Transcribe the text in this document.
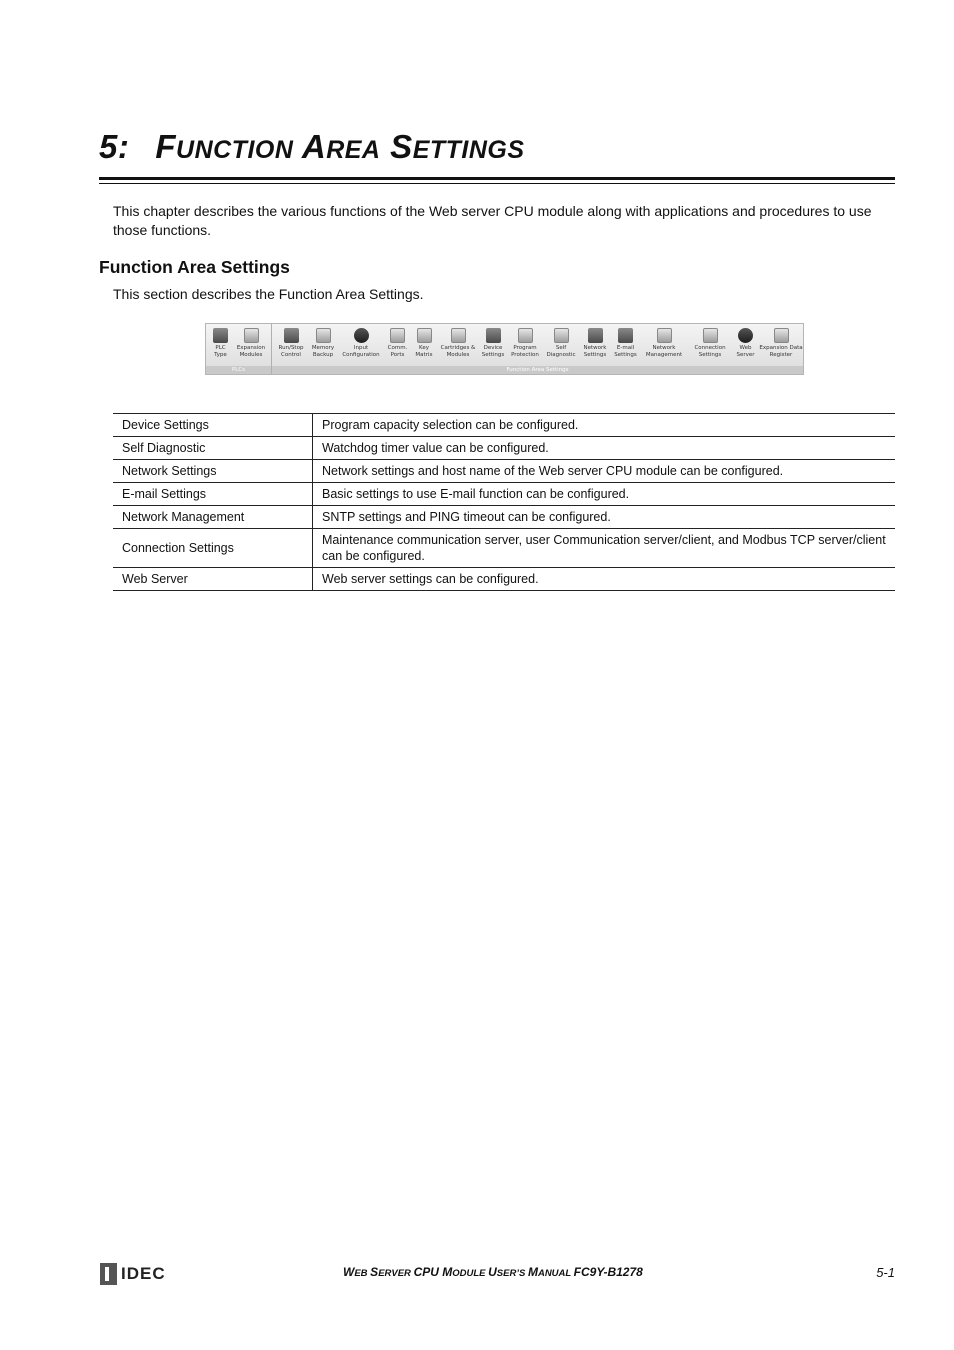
5: FUNCTION AREA SETTINGS

This chapter describes the various functions of the Web server CPU module along with applications and procedures to use those functions.

Function Area Settings

This section describes the Function Area Settings.

PLC
Type
Expansion
Modules
PLCs
Run/Stop
Control
Memory
Backup
Input
Configuration
Comm.
Ports
Key
Matrix
Cartridges &
Modules
Device
Settings
Program
Protection
Self
Diagnostic
Network
Settings
E-mail
Settings
Network
Management
Connection
Settings
Web
Server
Expansion Data
Register
Function Area Settings
Device Settings	Program capacity selection can be configured.
Self Diagnostic	Watchdog timer value can be configured.
Network Settings	Network settings and host name of the Web server CPU module can be configured.
E-mail Settings	Basic settings to use E-mail function can be configured.
Network Management	SNTP settings and PING timeout can be configured.
Connection Settings	Maintenance communication server, user Communication server/client, and Modbus TCP server/client can be configured.
Web Server	Web server settings can be configured.
IDEC	WEB SERVER CPU MODULE USER’S MANUAL FC9Y-B1278	5-1
